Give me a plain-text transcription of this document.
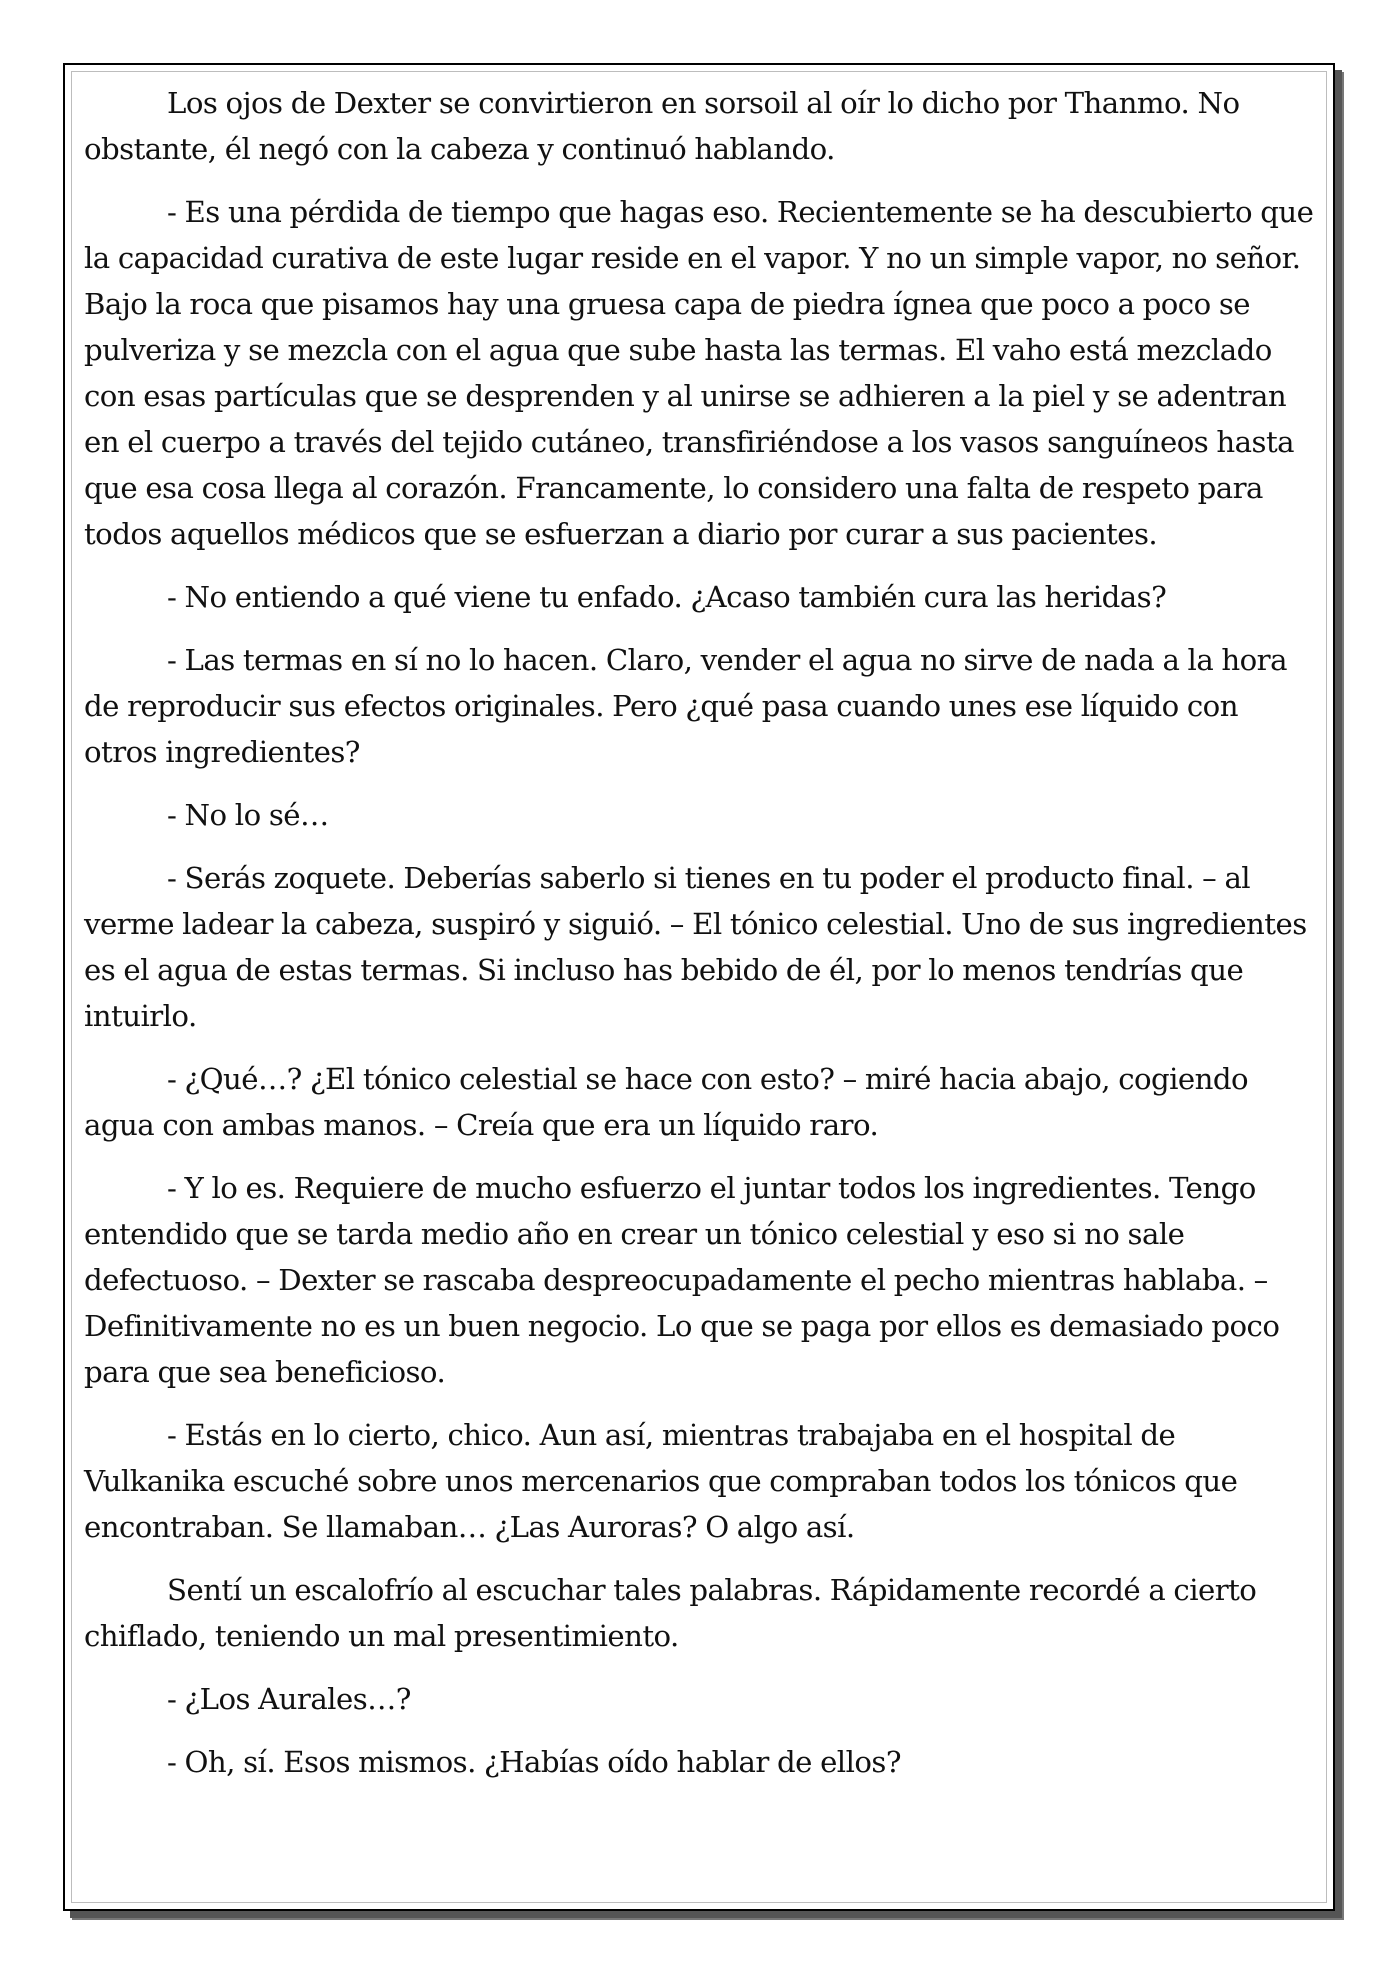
Los ojos de Dexter se convirtieron en sorsoil al oír lo dicho por Thanmo. No obstante, él negó con la cabeza y continuó hablando.

- Es una pérdida de tiempo que hagas eso. Recientemente se ha descubierto que la capacidad curativa de este lugar reside en el vapor. Y no un simple vapor, no señor. Bajo la roca que pisamos hay una gruesa capa de piedra ígnea que poco a poco se pulveriza y se mezcla con el agua que sube hasta las termas. El vaho está mezclado con esas partículas que se desprenden y al unirse se adhieren a la piel y se adentran en el cuerpo a través del tejido cutáneo, transfiriéndose a los vasos sanguíneos hasta que esa cosa llega al corazón. Francamente, lo considero una falta de respeto para todos aquellos médicos que se esfuerzan a diario por curar a sus pacientes.

- No entiendo a qué viene tu enfado. ¿Acaso también cura las heridas?

- Las termas en sí no lo hacen. Claro, vender el agua no sirve de nada a la hora de reproducir sus efectos originales. Pero ¿qué pasa cuando unes ese líquido con otros ingredientes?

- No lo sé…

- Serás zoquete. Deberías saberlo si tienes en tu poder el producto final. – al verme ladear la cabeza, suspiró y siguió. – El tónico celestial. Uno de sus ingredientes es el agua de estas termas. Si incluso has bebido de él, por lo menos tendrías que intuirlo.

- ¿Qué…? ¿El tónico celestial se hace con esto? – miré hacia abajo, cogiendo agua con ambas manos. – Creía que era un líquido raro.

- Y lo es. Requiere de mucho esfuerzo el juntar todos los ingredientes. Tengo entendido que se tarda medio año en crear un tónico celestial y eso si no sale defectuoso. – Dexter se rascaba despreocupadamente el pecho mientras hablaba. – Definitivamente no es un buen negocio. Lo que se paga por ellos es demasiado poco para que sea beneficioso.

- Estás en lo cierto, chico. Aun así, mientras trabajaba en el hospital de Vulkanika escuché sobre unos mercenarios que compraban todos los tónicos que encontraban. Se llamaban… ¿Las Auroras? O algo así.

Sentí un escalofrío al escuchar tales palabras. Rápidamente recordé a cierto chiflado, teniendo un mal presentimiento.

- ¿Los Aurales…?

- Oh, sí. Esos mismos. ¿Habías oído hablar de ellos?
